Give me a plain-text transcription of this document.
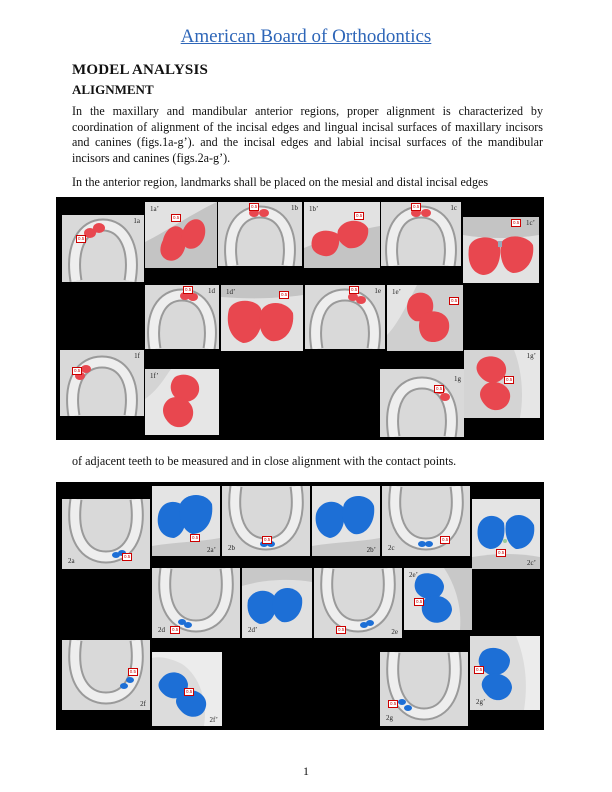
American Board of Orthodontics
MODEL ANALYSIS
ALIGNMENT
In the maxillary and mandibular anterior regions, proper alignment is characterized by coordination of alignment of the incisal edges and lingual incisal surfaces of maxillary incisors and canines (figs.1a-g’). and the incisal edges and labial incisal surfaces of the mandibular incisors and canines (figs.2a-g’).
In the anterior region, landmarks shall be placed on the mesial and distal incisal edges
1a
0.5
1a’
0.5
1b
0.5	1b’
0.5
1c
0.5
1c’
0.5
1d
0.5	1d’	0.5	1e
0.5	1e’
0.5
1f
0.5
1f’	1g
0.5
1g’
0.5
of adjacent teeth to be measured and in close alignment with the contact points.
2a
0.5
2a’
0.5
2b
0.5
2b’ 2c
0.5
2c’
0.5
2d	0.5	2d’	2e
0.5
2e’
0.5
2f
0.5
2f’
0.5
2g
0.5	2g’
0.5
1
